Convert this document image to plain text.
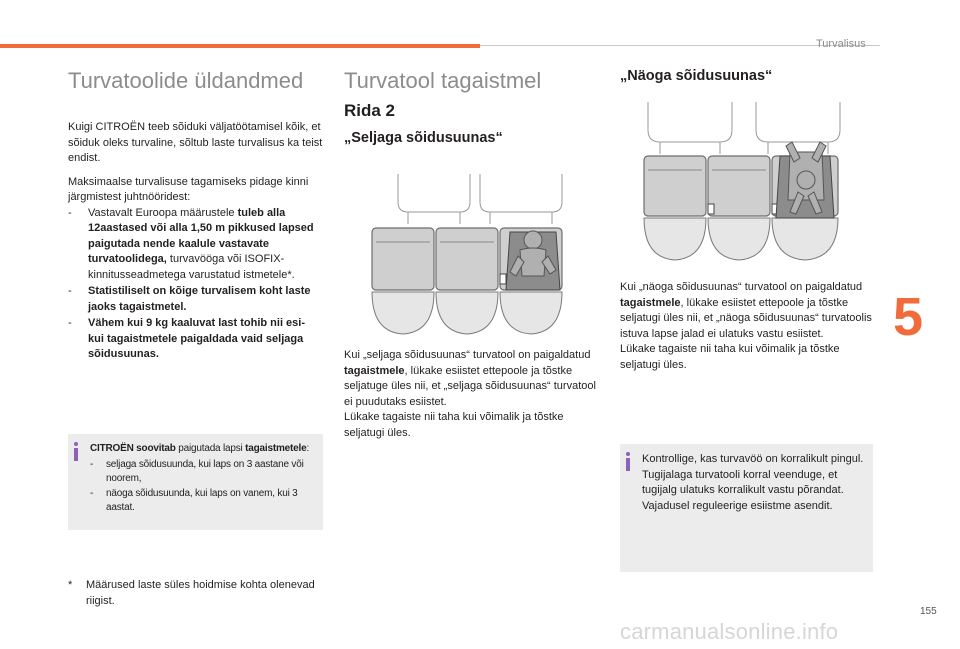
Turvalisus
5
155
carmanualsonline.info
Turvatoolide üldandmed

Kuigi CITROËN teeb sõiduki väljatöötamisel kõik, et sõiduk oleks turvaline, sõltub laste turvalisus ka teist endist.

Maksimaalse turvalisuse tagamiseks pidage kinni järgmistest juhtnööridest:

- Vastavalt Euroopa määrustele tuleb alla 12aastased või alla 1,50 m pikkused lapsed paigutada nende kaalule vastavate turvatoolidega, turvavööga või ISOFIX-kinnitusseadmetega varustatud istmetele*.
- Statistiliselt on kõige turvalisem koht laste jaoks tagaistmetel.
- Vähem kui 9 kg kaaluvat last tohib nii esi- kui tagaistmetele paigaldada vaid seljaga sõidusuunas.
CITROËN soovitab paigutada lapsi tagaistmetele:
- seljaga sõidusuunda, kui laps on 3 aastane või noorem,
- näoga sõidusuunda, kui laps on vanem, kui 3 aastat.
*	Määrused laste süles hoidmise kohta olenevad riigist.
Turvatool tagaistmel
Rida 2
„Seljaga sõidusuunas“
Kui „seljaga sõidusuunas“ turvatool on paigaldatud tagaistmele, lükake esiistet ettepoole ja tõstke seljatuge üles nii, et „seljaga sõidusuunas“ turvatool ei puudutaks esiistet.
Lükake tagaiste nii taha kui võimalik ja tõstke seljatugi üles.
„Näoga sõidusuunas“
Kui „näoga sõidusuunas“ turvatool on paigaldatud tagaistmele, lükake esiistet ettepoole ja tõstke seljatugi üles nii, et „näoga sõidusuunas“ turvatoolis istuva lapse jalad ei ulatuks vastu esiistet.
Lükake tagaiste nii taha kui võimalik ja tõstke seljatugi üles.
Kontrollige, kas turvavöö on korralikult pingul.
Tugijalaga turvatooli korral veenduge, et tugijalg ulatuks korralikult vastu põrandat.
Vajadusel reguleerige esiistme asendit.
